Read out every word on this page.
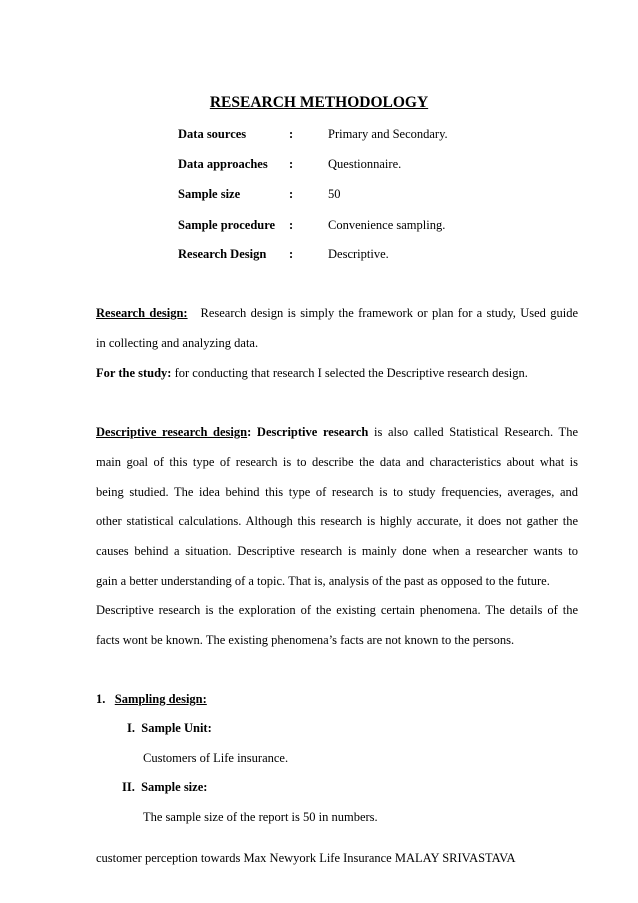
RESEARCH METHODOLOGY
Data sources	:	Primary and Secondary.
Data approaches :	Questionnaire.
Sample size	:	50
Sample procedure :	Convenience sampling.
Research Design :	Descriptive.
Research design: Research design is simply the framework or plan for a study, Used guide
in collecting and analyzing data.
For the study: for conducting that research I selected the Descriptive research design.
Descriptive research design: Descriptive research is also called Statistical Research. The
main goal of this type of research is to describe the data and characteristics about what is
being studied. The idea behind this type of research is to study frequencies, averages, and
other statistical calculations. Although this research is highly accurate, it does not gather the
causes behind a situation. Descriptive research is mainly done when a researcher wants to
gain a better understanding of a topic. That is, analysis of the past as opposed to the future.
Descriptive research is the exploration of the existing certain phenomena. The details of the
facts wont be known. The existing phenomena’s facts are not known to the persons.
1. Sampling design:
I. Sample Unit:
Customers of Life insurance.
II. Sample size:
The sample size of the report is 50 in numbers.
customer perception towards Max Newyork Life Insurance MALAY SRIVASTAVA
